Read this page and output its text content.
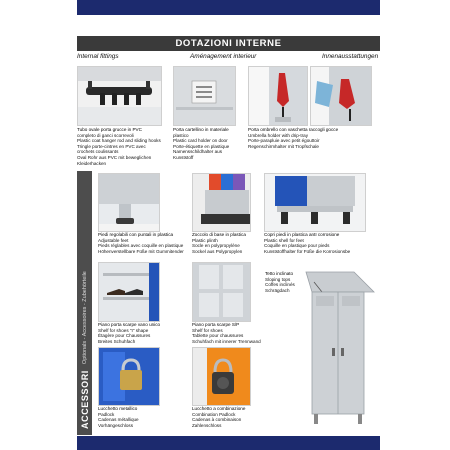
DOTAZIONI INTERNE
Internal fittings	Aménagement interieur	Innenausstattungen
Tubo ovale porta grucce in PVC
completo di ganci scorrevoli
Plastic coat hanger rod and sliding hooks
Tringle porte-cintres en PVC avec
crochets coulissants
Oval Rohr aus PVC mit beweglichen
Kleiderhacken
Porta cartellino in materiale
plastico
Plastic card holder on door
Porte-étiquette en plastique
Namensschildhalter aus
Kunststoff
Porta ombrello con vaschetta raccogli gocce
Umbrella holder with drip-tray
Porte-parapluie avec petit égouttoir
Regenschirmhalter mit Tropfschale
ACCESSORI
Optionals - Accessoires - Zubehörteile
Piedi regolabili con puntali in plastica
Adjustable feet
Pieds réglables avec coquille en plastique
Höhenverstellbare Füße mit Gummitender
Zoccolo di base in plastica
Plastic plinth
Socle en polypropylène
Sockel aus Polypropylen
Copri piedi in plastica antI corrosione
Plastic shell for feet
Coquille en plastique pour pieds
Kunststoffhalter für Füße die Korrosionsbe
Piano porta scarpe vano unico
Shelf for shoes "I" shape
Étagère pour Chaussures
Breites Schuhfach
Piano porta scarpe S/P
Shelf for shoes
Tablette pour chaussures
Schuhfach mit innerer Trennwand
Tetto inclinato
Sloping tops
Coffes inclinés
Schrägdach
Lucchetto metallico
Padlock
Cadenas métallique
Vorhängeschloss
Lucchetto a combinazione
Combination Padlock
Cadenas à combinaison
Zahlenschloss
